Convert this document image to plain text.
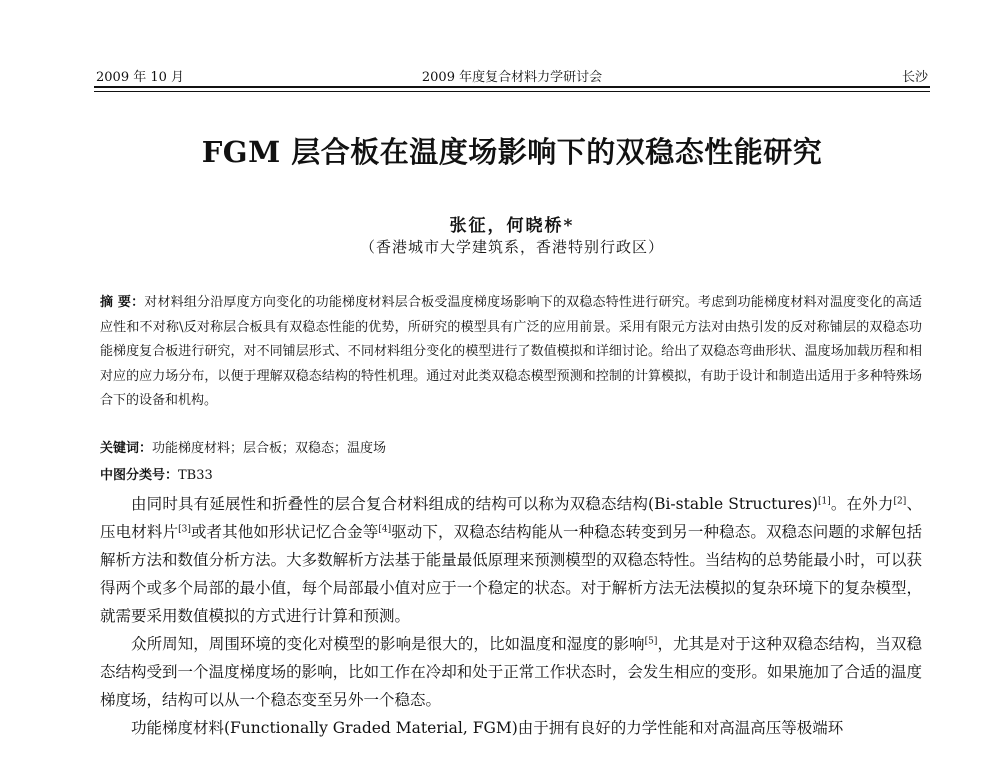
2009 年 10 月	2009 年度复合材料力学研讨会	长沙
FGM 层合板在温度场影响下的双稳态性能研究
张征，何晓桥*
（香港城市大学建筑系，香港特别行政区）
摘 要：对材料组分沿厚度方向变化的功能梯度材料层合板受温度梯度场影响下的双稳态特性进行研究。考虑到功能梯度材料对温度变化的高适应性和不对称\反对称层合板具有双稳态性能的优势，所研究的模型具有广泛的应用前景。采用有限元方法对由热引发的反对称铺层的双稳态功能梯度复合板进行研究，对不同铺层形式、不同材料组分变化的模型进行了数值模拟和详细讨论。给出了双稳态弯曲形状、温度场加载历程和相对应的应力场分布，以便于理解双稳态结构的特性机理。通过对此类双稳态模型预测和控制的计算模拟，有助于设计和制造出适用于多种特殊场合下的设备和机构。
关键词：功能梯度材料；层合板；双稳态；温度场
中图分类号：TB33

由同时具有延展性和折叠性的层合复合材料组成的结构可以称为双稳态结构(Bi-stable Structures)[1]。在外力[2]、压电材料片[3]或者其他如形状记忆合金等[4]驱动下，双稳态结构能从一种稳态转变到另一种稳态。双稳态问题的求解包括解析方法和数值分析方法。大多数解析方法基于能量最低原理来预测模型的双稳态特性。当结构的总势能最小时，可以获得两个或多个局部的最小值，每个局部最小值对应于一个稳定的状态。对于解析方法无法模拟的复杂环境下的复杂模型，就需要采用数值模拟的方式进行计算和预测。

众所周知，周围环境的变化对模型的影响是很大的，比如温度和湿度的影响[5]，尤其是对于这种双稳态结构，当双稳态结构受到一个温度梯度场的影响，比如工作在冷却和处于正常工作状态时，会发生相应的变形。如果施加了合适的温度梯度场，结构可以从一个稳态变至另外一个稳态。

功能梯度材料(Functionally Graded Material, FGM)由于拥有良好的力学性能和对高温高压等极端环
